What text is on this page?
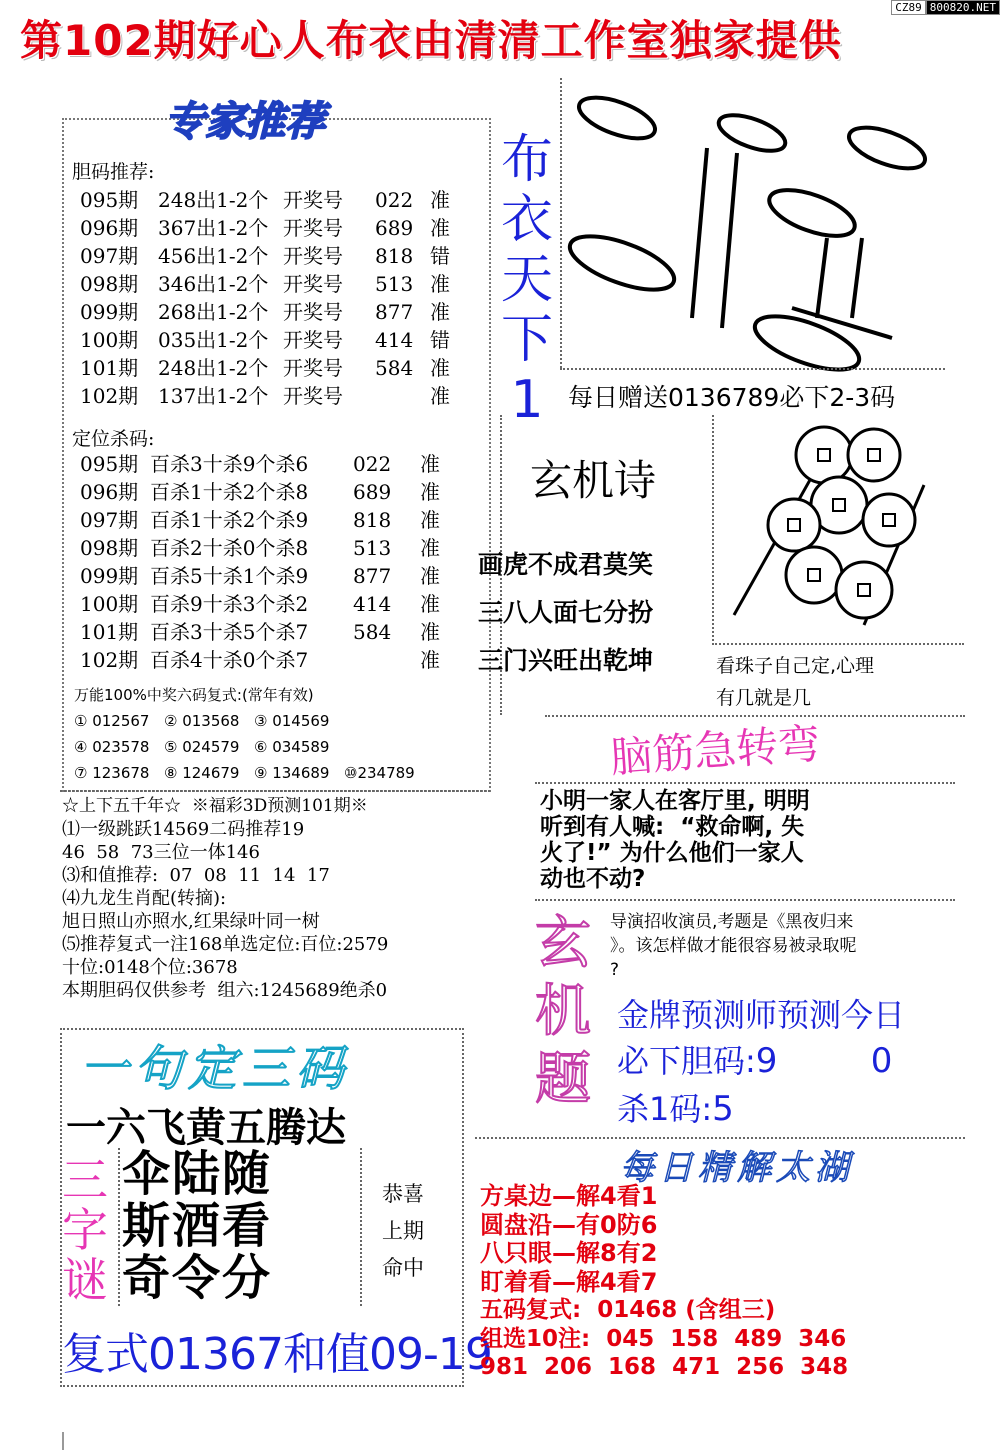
第102期好心人布衣由清清工作室独家提供
CZ89 800820.NET
专家推荐
胆码推荐:
095期 248出1-2个 开奖号 022 准
096期 367出1-2个 开奖号 689 准
097期 456出1-2个 开奖号 818 错
098期 346出1-2个 开奖号 513 准
099期 268出1-2个 开奖号 877 准
100期 035出1-2个 开奖号 414 错
101期 248出1-2个 开奖号 584 准
102期 137出1-2个 开奖号	准
定位杀码:
095期 百杀3十杀9个杀6 022 准
096期 百杀1十杀2个杀8 689 准
097期 百杀1十杀2个杀9 818 准
098期 百杀2十杀0个杀8 513 准
099期 百杀5十杀1个杀9 877 准
100期 百杀9十杀3个杀2 414 准
101期 百杀3十杀5个杀7 584 准
102期 百杀4十杀0个杀7	准
万能100%中奖六码复式:(常年有效)
① 012567 ② 013568 ③ 014569
④ 023578 ⑤ 024579 ⑥ 034589
⑦ 123678 ⑧ 124679 ⑨ 134689 ⑩234789
☆上下五千年☆  ※福彩3D预测101期※
⑴一级跳跃14569二码推荐19
46  58  73三位一体146
⑶和值推荐:  07  08  11  14  17
⑷九龙生肖配(转摘):
旭日照山亦照水,红果绿叶同一树
⑸推荐复式一注168单选定位:百位:2579
十位:0148个位:3678
本期胆码仅供参考  组六:1245689绝杀0
布
衣
天
下
1
36
每日赠送0136789必下2-3码
玄机诗
画虎不成君莫笑
三八人面七分扮
三门兴旺出乾坤	看珠子自己定,心理
有几就是几
脑筋急转弯
小明一家人在客厅里, 明明
听到有人喊:  “救命啊, 失
火了!” 为什么他们一家人
动也不动?
玄
机
题
导演招收演员,考题是《黑夜归来
》。该怎样做才能很容易被录取呢
?
金牌预测师预测今日
必下胆码:9	0
杀1码:5
一句定三码
一六飞黄五腾达
三
字
谜
伞陆随
斯酒看
奇令分
恭喜
上期
命中
复式01367和值09-19
每日精解太湖
方桌边—解4看1
圆盘沿—有0防6
八只眼—解8有2
盯着看—解4看7
五码复式:  01468 (含组三)
组选10注:  045  158  489  346
981  206  168  471  256  348
